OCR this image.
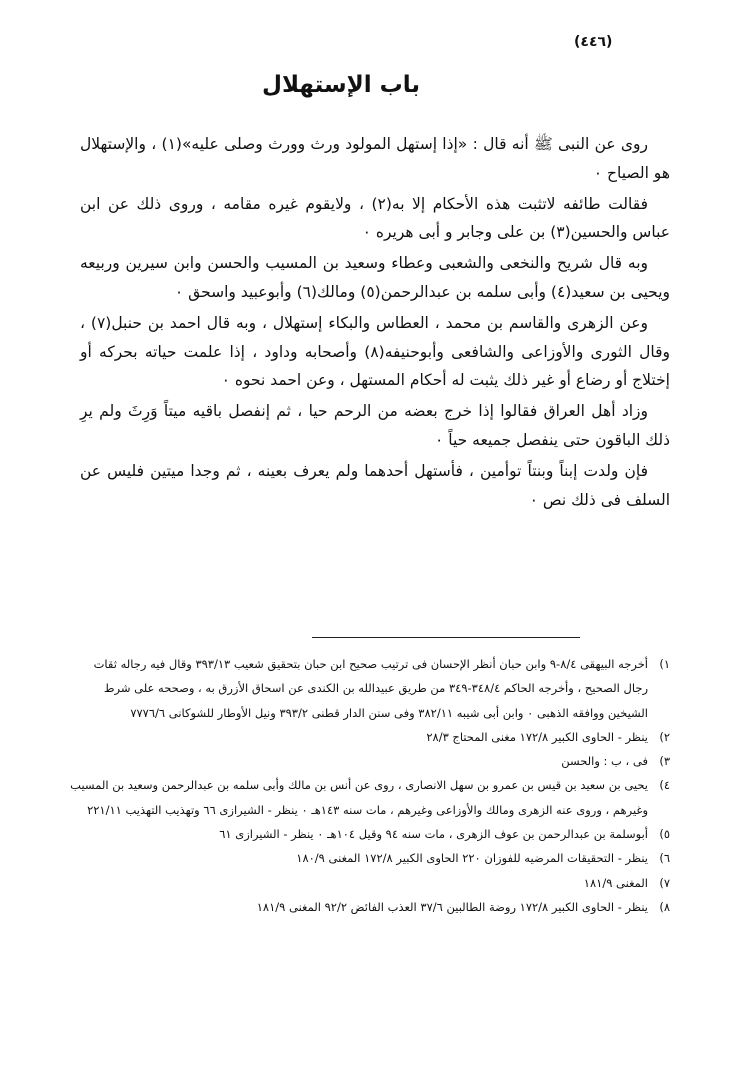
(٤٤٦)
باب الإستهلال

روى عن النبى ﷺ أنه قال : «إذا إستهل المولود ورث وورث وصلى عليه»(١) ، والإستهلال هو الصياح ٠

فقالت طائفه لاتثبت هذه الأحكام إلا به(٢) ، ولايقوم غيره مقامه ، وروى ذلك عن ابن عباس والحسين(٣) بن على وجابر و أبى هريره ٠

وبه قال شريح والنخعى والشعبى وعطاء وسعيد بن المسيب والحسن وابن سيرين وربيعه ويحيى بن سعيد(٤) وأبى سلمه بن عبدالرحمن(٥) ومالك(٦) وأبوعبيد واسحق ٠

وعن الزهرى والقاسم بن محمد ، العطاس والبكاء إستهلال ، وبه قال احمد بن حنبل(٧) ، وقال الثورى والأوزاعى والشافعى وأبوحنيفه(٨) وأصحابه وداود ، إذا علمت حياته بحركه أو إختلاج أو رضاع أو غير ذلك يثبت له أحكام المستهل ، وعن احمد نحوه ٠

وزاد أهل العراق فقالوا إذا خرج بعضه من الرحم حيا ، ثم إنفصل باقيه ميتاً وَرِثَ ولم يرِ ذلك الباقون حتى ينفصل جميعه حياً ٠

فإن ولدت إبناً وبنتاً توأمين ، فأستهل أحدهما ولم يعرف بعينه ، ثم وجدا ميتين فليس عن السلف فى ذلك نص ٠

١)
أخرجه البيهقى ٨/٤-٩ وابن حبان أنظر الإحسان فى ترتيب صحيح ابن حبان بتحقيق شعيب ٣٩٣/١٣ وقال فيه رجاله ثقات رجال الصحيح ، وأخرجه الحاكم ٣٤٨/٤-٣٤٩ من طريق عبيدالله بن الكندى عن اسحاق الأزرق به ، وصححه على شرط الشيخين ووافقه الذهبى ٠ وابن أبى شيبه ٣٨٢/١١ وفى سنن الدار قطنى ٣٩٣/٢ ونيل الأوطار للشوكانى ٧٧٧٦/٦
٢)
ينظر - الحاوى الكبير ١٧٢/٨ مغنى المحتاج ٢٨/٣
٣)
فى ، ب : والحسن
٤)
يحيى بن سعيد بن قيس بن عمرو بن سهل الانصارى ، روى عن أنس بن مالك وأبى سلمه بن عبدالرحمن وسعيد بن المسيب وغيرهم ، وروى عنه الزهرى ومالك والأوزاعى وغيرهم ، مات سنه ١٤٣هـ ٠ ينظر - الشيرازى ٦٦ وتهذيب التهذيب ٢٢١/١١
٥)
أبوسلمة بن عبدالرحمن بن عوف الزهرى ، مات سنه ٩٤ وقيل ١٠٤هـ ٠ ينظر - الشيرازى ٦١
٦)
ينظر - التحقيقات المرضيه للفوزان ٢٢٠ الحاوى الكبير ١٧٢/٨ المغنى ١٨٠/٩
٧)
المغنى ١٨١/٩
٨)
ينظر - الحاوى الكبير ١٧٢/٨ روضة الطالبين ٣٧/٦ العذب الفائض ٩٢/٢ المغنى ١٨١/٩
